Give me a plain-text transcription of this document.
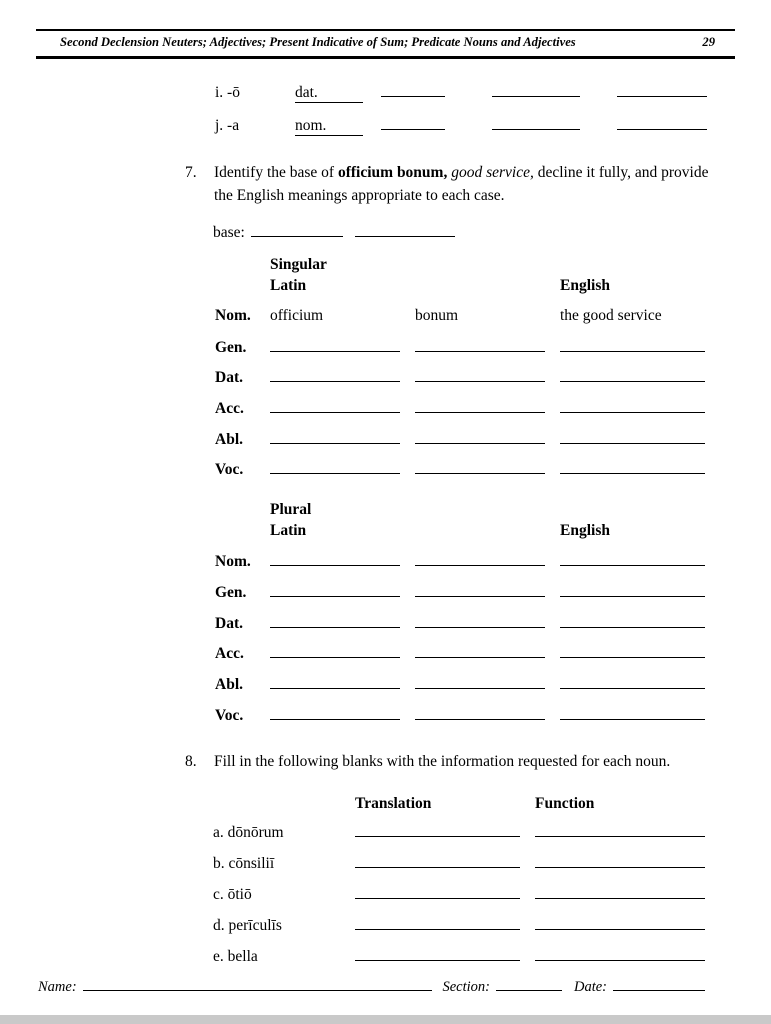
Second Declension Neuters; Adjectives; Present Indicative of Sum; Predicate Nouns and Adjectives	29
i. -ō	dat.
j. -a	nom.
7.	Identify the base of officium bonum, good service, decline it fully, and provide the English meanings appropriate to each case.
base:
Singular
Latin	English
Nom.	officium	bonum	the good service
Gen.
Dat.
Acc.
Abl.
Voc.
Plural
Latin	English
Nom.
Gen.
Dat.
Acc.
Abl.
Voc.
8.	Fill in the following blanks with the information requested for each noun.
Translation	Function
a. dōnōrum
b. cōnsiliī
c. ōtiō
d. perīculīs
e. bella
Name:	Section:	Date:
